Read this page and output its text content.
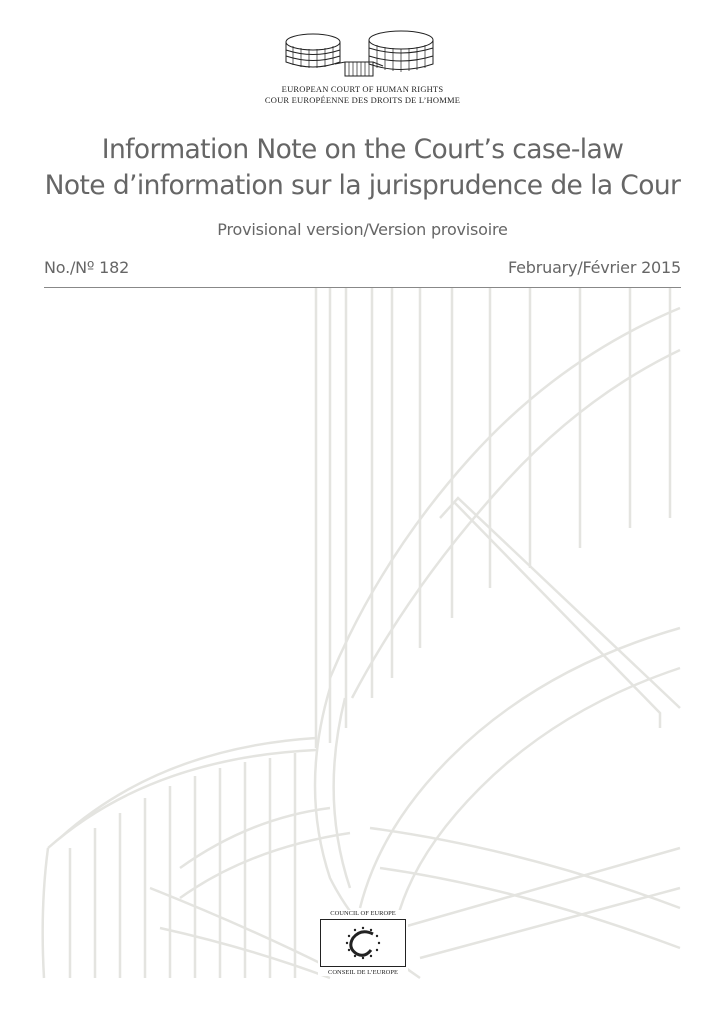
EUROPEAN COURT OF HUMAN RIGHTS
COUR EUROPÉENNE DES DROITS DE L’HOMME
Information Note on the Court’s case-law
Note d’information sur la jurisprudence de la Cour
Provisional version/Version provisoire
No./Nº 182	February/Février 2015
COUNCIL OF EUROPE
CONSEIL DE L’EUROPE
